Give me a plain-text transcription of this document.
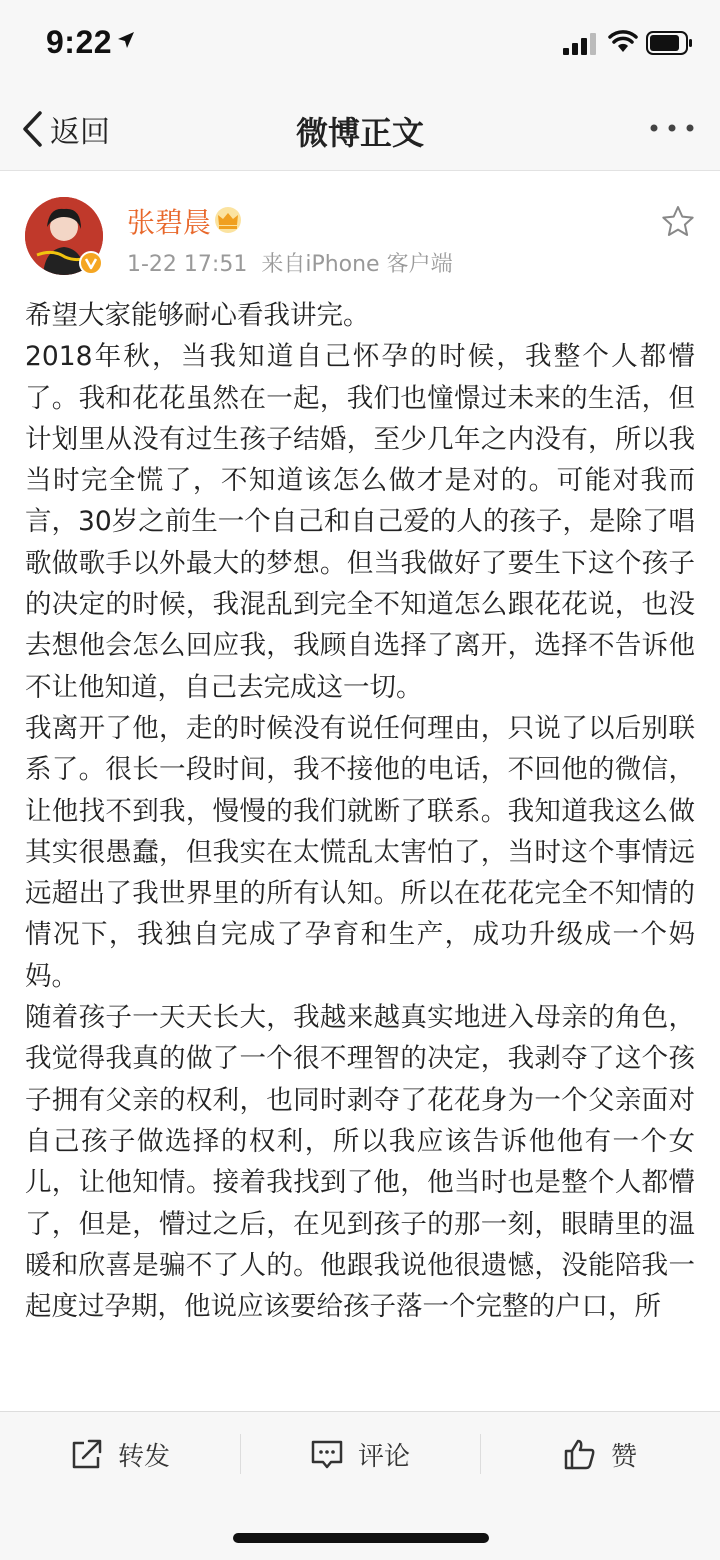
9:22
返回	微博正文
张碧晨
1-22 17:51 来自iPhone 客户端

希望大家能够耐心看我讲完。

2018年秋，当我知道自己怀孕的时候，我整个人都懵了。我和花花虽然在一起，我们也憧憬过未来的生活，但计划里从没有过生孩子结婚，至少几年之内没有，所以我当时完全慌了，不知道该怎么做才是对的。可能对我而言，30岁之前生一个自己和自己爱的人的孩子，是除了唱歌做歌手以外最大的梦想。但当我做好了要生下这个孩子的决定的时候，我混乱到完全不知道怎么跟花花说，也没去想他会怎么回应我，我顾自选择了离开，选择不告诉他不让他知道，自己去完成这一切。

我离开了他，走的时候没有说任何理由，只说了以后别联系了。很长一段时间，我不接他的电话，不回他的微信，让他找不到我，慢慢的我们就断了联系。我知道我这么做其实很愚蠢，但我实在太慌乱太害怕了，当时这个事情远远超出了我世界里的所有认知。所以在花花完全不知情的情况下，我独自完成了孕育和生产，成功升级成一个妈妈。

随着孩子一天天长大，我越来越真实地进入母亲的角色，我觉得我真的做了一个很不理智的决定，我剥夺了这个孩子拥有父亲的权利，也同时剥夺了花花身为一个父亲面对自己孩子做选择的权利，所以我应该告诉他他有一个女儿，让他知情。接着我找到了他，他当时也是整个人都懵了，但是，懵过之后，在见到孩子的那一刻，眼睛里的温暖和欣喜是骗不了人的。他跟我说他很遗憾，没能陪我一起度过孕期，他说应该要给孩子落一个完整的户口，所

转发	评论	赞
